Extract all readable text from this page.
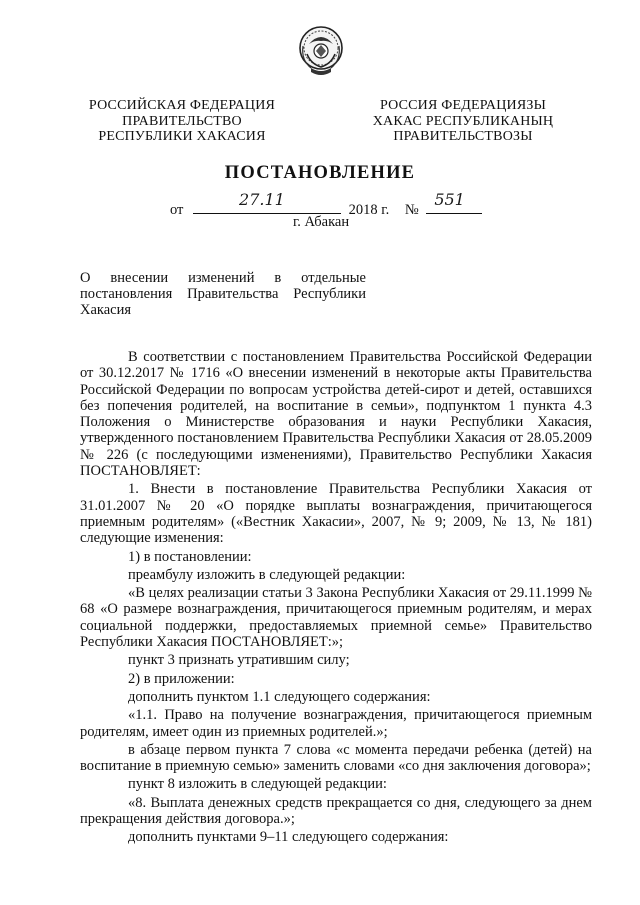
РОССИЙСКАЯ ФЕДЕРАЦИЯ
ПРАВИТЕЛЬСТВО
РЕСПУБЛИКИ ХАКАСИЯ
РОССИЯ ФЕДЕРАЦИЯЗЫ
ХАКАС РЕСПУБЛИКАНЫҢ
ПРАВИТЕЛЬСТВОЗЫ
ПОСТАНОВЛЕНИЕ
от
27.11
2018 г. №
551
г. Абакан
О внесении изменений в отдельные
постановления Правительства Республики
Хакасия

В соответствии с постановлением Правительства Российской Федерации от 30.12.2017 № 1716 «О внесении изменений в некоторые акты Правительства Российской Федерации по вопросам устройства детей-сирот и детей, оставшихся без попечения родителей, на воспитание в семьи», подпунктом 1 пункта 4.3 Положения о Министерстве образования и науки Республики Хакасия, утвержденного постановлением Правительства Республики Хакасия от 28.05.2009 № 226 (с последующими изменениями), Правительство Республики Хакасия ПОСТАНОВЛЯЕТ:

1. Внести в постановление Правительства Республики Хакасия от 31.01.2007 № 20 «О порядке выплаты вознаграждения, причитающегося приемным родителям» («Вестник Хакасии», 2007, № 9; 2009, № 13, № 181) следующие изменения:

1) в постановлении:

преамбулу изложить в следующей редакции:

«В целях реализации статьи 3 Закона Республики Хакасия от 29.11.1999 № 68 «О размере вознаграждения, причитающегося приемным родителям, и мерах социальной поддержки, предоставляемых приемной семье» Правительство Республики Хакасия ПОСТАНОВЛЯЕТ:»;

пункт 3 признать утратившим силу;

2) в приложении:

дополнить пунктом 1.1 следующего содержания:

«1.1. Право на получение вознаграждения, причитающегося приемным родителям, имеет один из приемных родителей.»;

в абзаце первом пункта 7 слова «с момента передачи ребенка (детей) на воспитание в приемную семью» заменить словами «со дня заключения договора»;

пункт 8 изложить в следующей редакции:

«8. Выплата денежных средств прекращается со дня, следующего за днем прекращения действия договора.»;

дополнить пунктами 9–11 следующего содержания:
